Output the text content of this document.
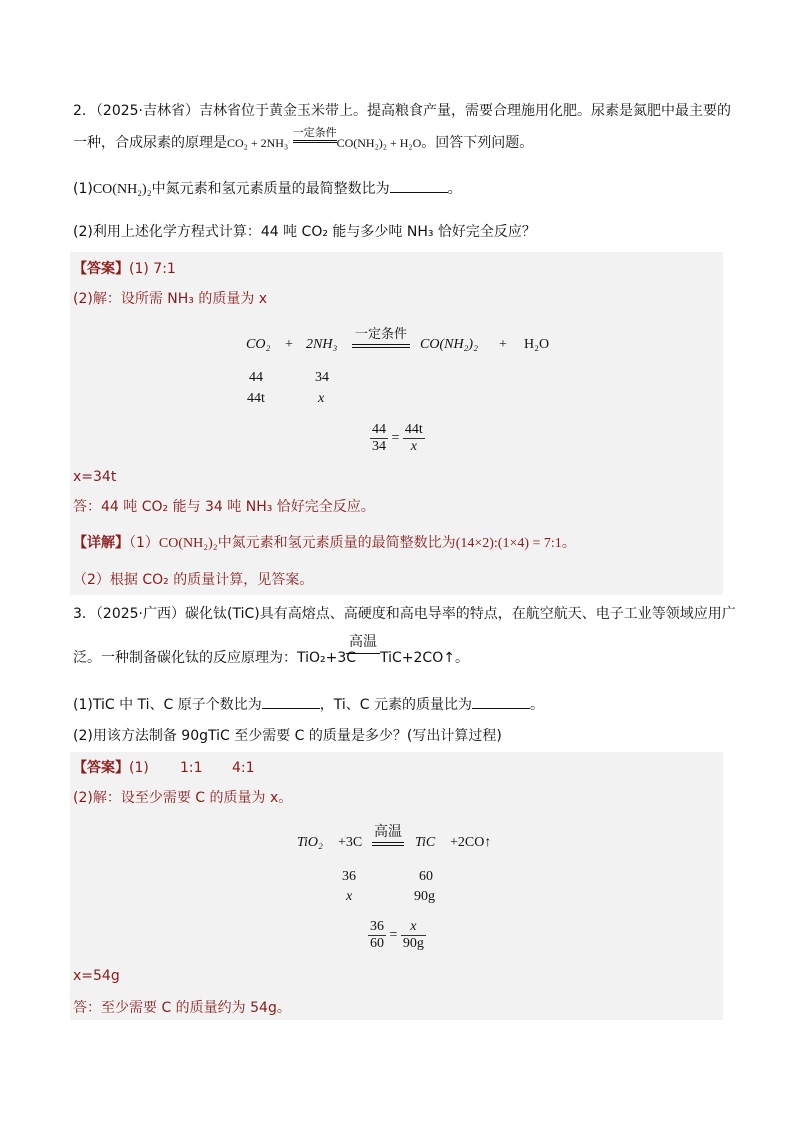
2．（2025·吉林省）吉林省位于黄金玉米带上。提高粮食产量，需要合理施用化肥。尿素是氮肥中最主要的
一种，合成尿素的原理是CO₂ + 2NH₃ 一定条件
CO(NH₂)₂ + H₂O。回答下列问题。
(1)CO(NH₂)₂中氮元素和氢元素质量的最简整数比为	。
(2)利用上述化学方程式计算：44 吨 CO₂ 能与多少吨 NH₃ 恰好完全反应？
【答案】(1) 7:1
(2)解：设所需 NH₃ 的质量为 x
CO₂ + 2NH₃
一定条件
CO(NH₂)₂ + H₂O
44	34
44t	x
$\frac{44}{34} = \frac{44t}{x}$
x=34t
答：44 吨 CO₂ 能与 34 吨 NH₃ 恰好完全反应。
【详解】（1）CO(NH₂)₂中氮元素和氢元素质量的最简整数比为(14×2):(1×4) = 7:1。
（2）根据 CO₂ 的质量计算，见答案。
3．（2025·广西）碳化钛(TiC)具有高熔点、高硬度和高电导率的特点，在航空航天、电子工业等领域应用广
泛。一种制备碳化钛的反应原理为：TiO₂+3C
高温
TiC+2CO↑。
(1)TiC 中 Ti、C 原子个数比为	，Ti、C 元素的质量比为	。
(2)用该方法制备 90gTiC 至少需要 C 的质量是多少？(写出计算过程)
【答案】(1) 1:1 4:1
(2)解：设至少需要 C 的质量为 x。
TiO₂ +3C
高温
TiC +2CO↑
36	60
x	90g
$\frac{36}{60} = \frac{x}{90g}$
x=54g
答：至少需要 C 的质量约为 54g。
